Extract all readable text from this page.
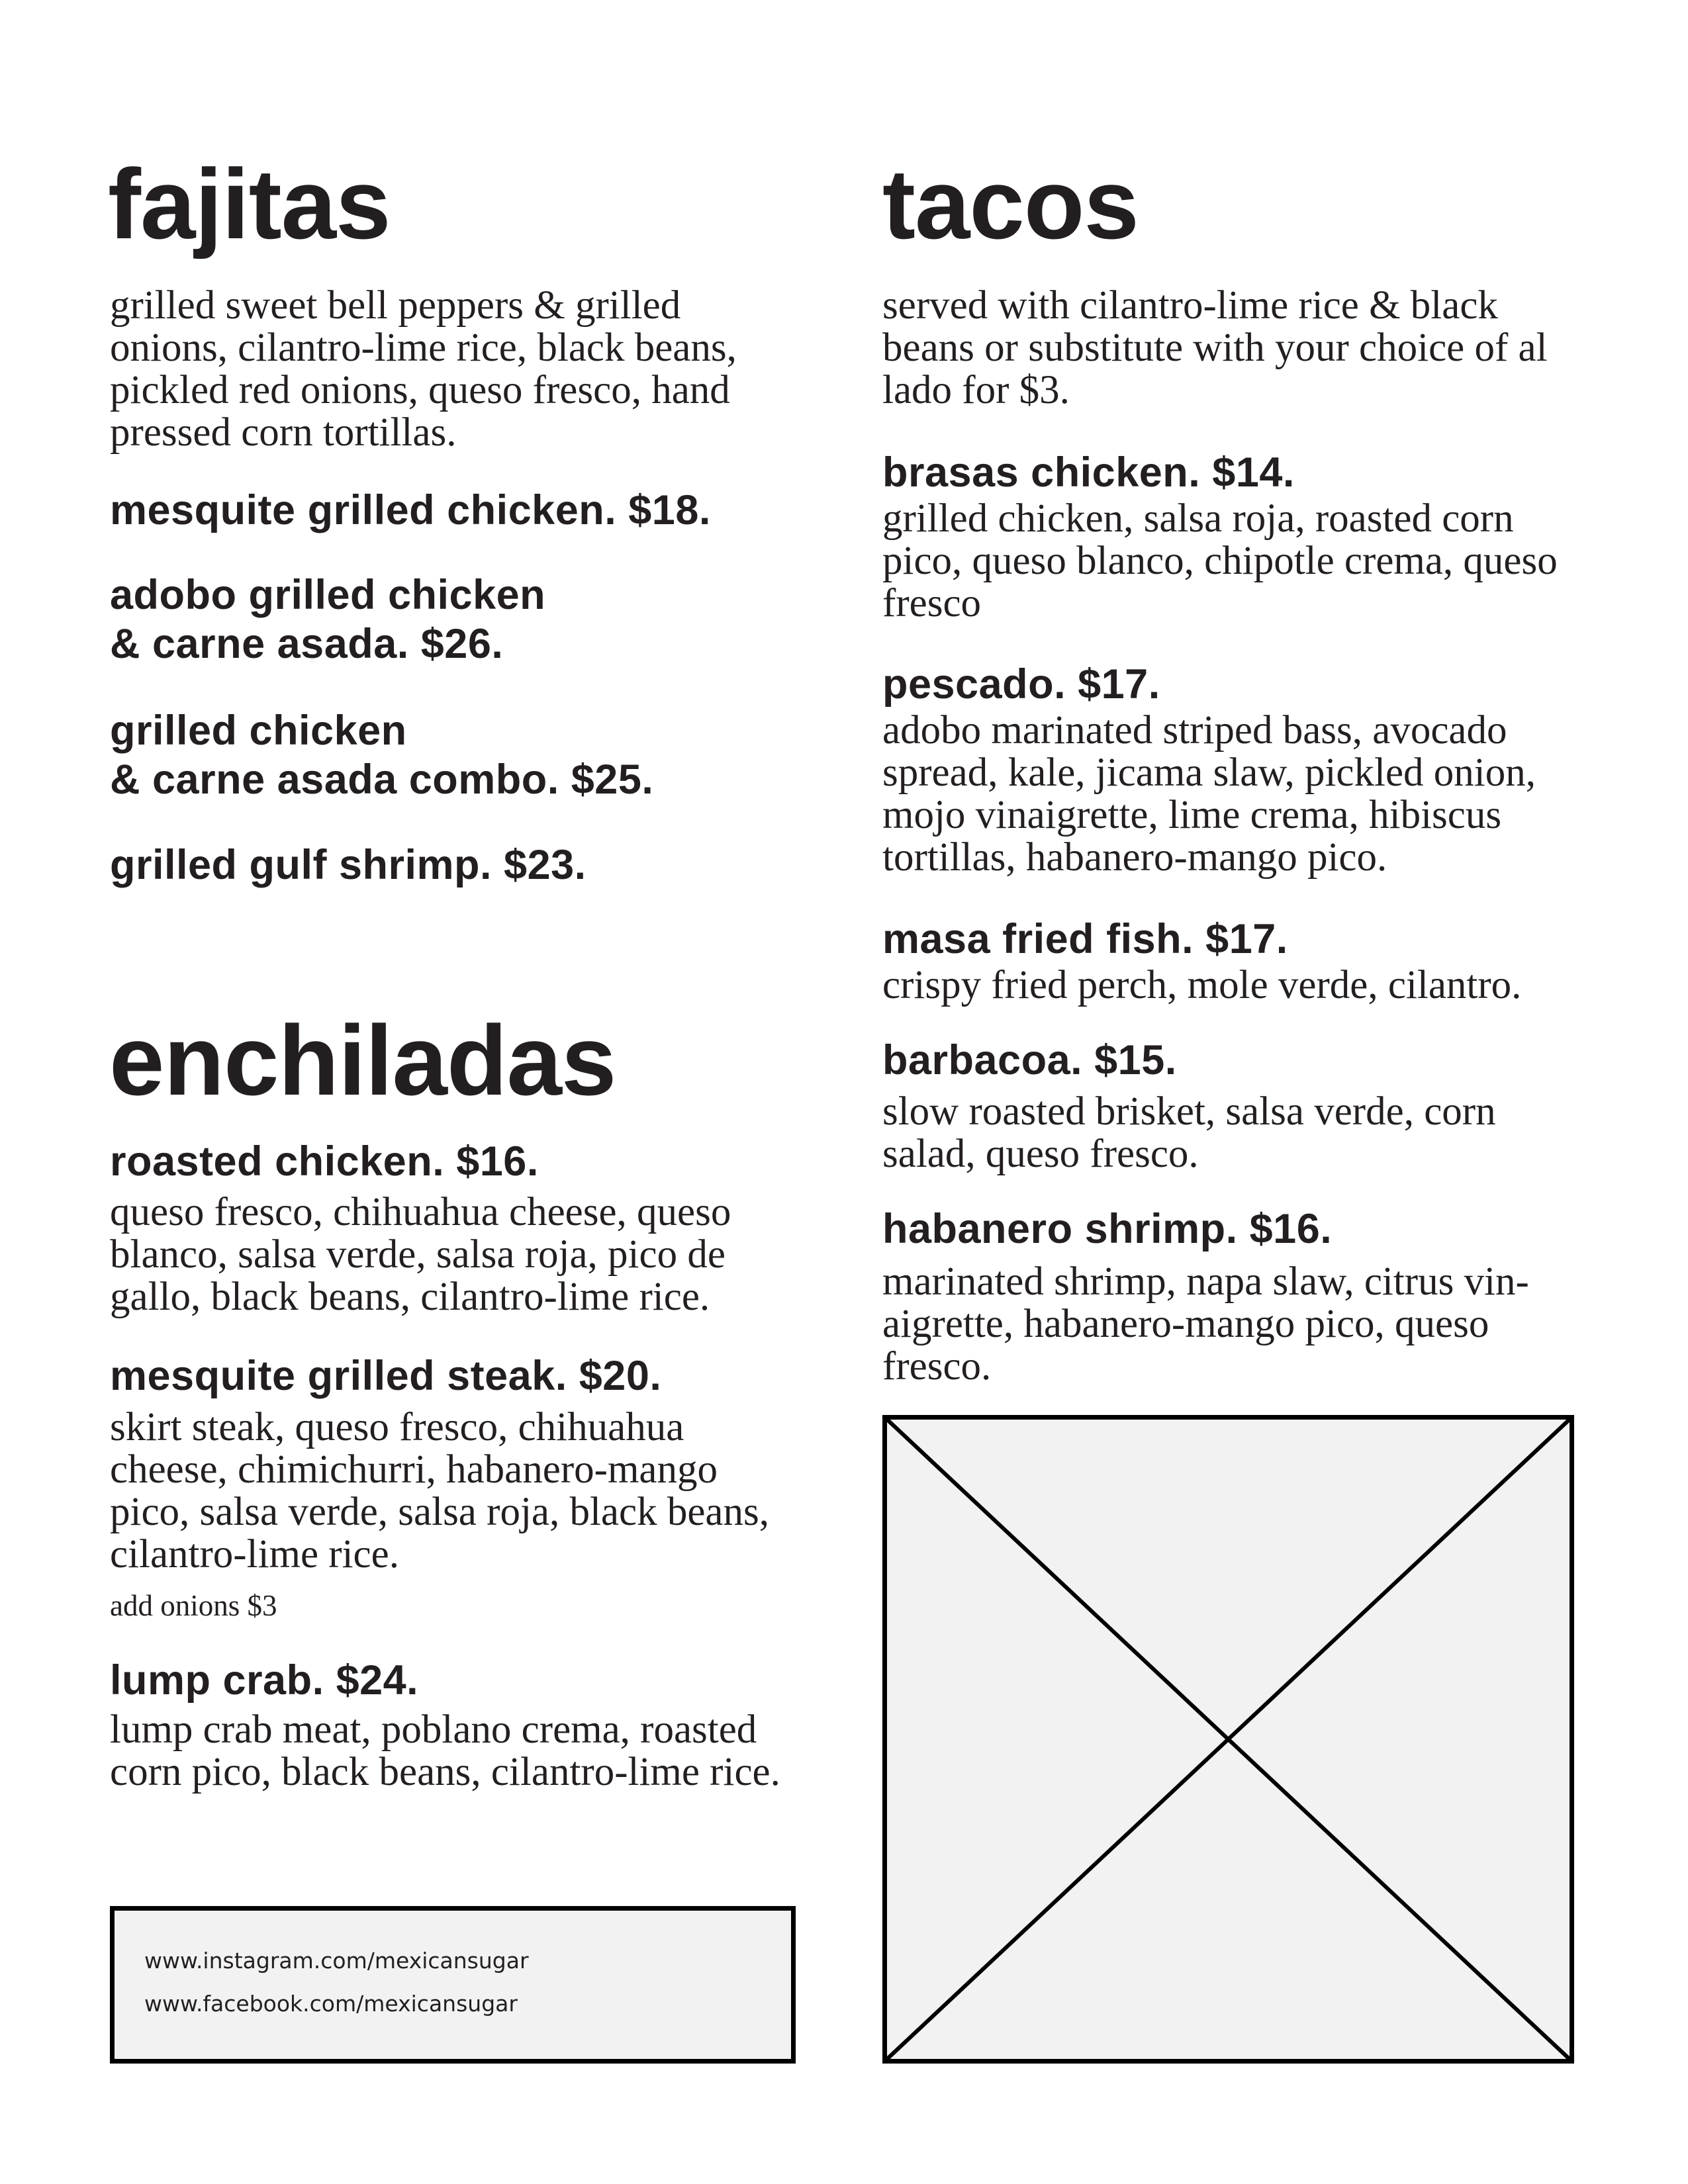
fajitas

grilled sweet bell peppers & grilled
onions, cilantro-lime rice, black beans,
pickled red onions, queso fresco, hand
pressed corn tortillas.

mesquite grilled chicken. $18.

adobo grilled chicken

& carne asada. $26.

grilled chicken

& carne asada combo. $25.

grilled gulf shrimp. $23.

enchiladas

roasted chicken. $16.

queso fresco, chihuahua cheese, queso
blanco, salsa verde, salsa roja, pico de
gallo, black beans, cilantro-lime rice.

mesquite grilled steak. $20.

skirt steak, queso fresco, chihuahua
cheese, chimichurri, habanero-mango
pico, salsa verde, salsa roja, black beans,
cilantro-lime rice.

add onions $3

lump crab. $24.

lump crab meat, poblano crema, roasted
corn pico, black beans, cilantro-lime rice.

www.instagram.com/mexicansugar
www.facebook.com/mexicansugar
tacos

served with cilantro-lime rice & black
beans or substitute with your choice of al
lado for $3.

brasas chicken. $14.

grilled chicken, salsa roja, roasted corn
pico, queso blanco, chipotle crema, queso
fresco

pescado. $17.

adobo marinated striped bass, avocado
spread, kale, jicama slaw, pickled onion,
mojo vinaigrette, lime crema, hibiscus
tortillas, habanero-mango pico.

masa fried fish. $17.

crispy fried perch, mole verde, cilantro.

barbacoa. $15.

slow roasted brisket, salsa verde, corn
salad, queso fresco.

habanero shrimp. $16.

marinated shrimp, napa slaw, citrus vin-
aigrette, habanero-mango pico, queso
fresco.
